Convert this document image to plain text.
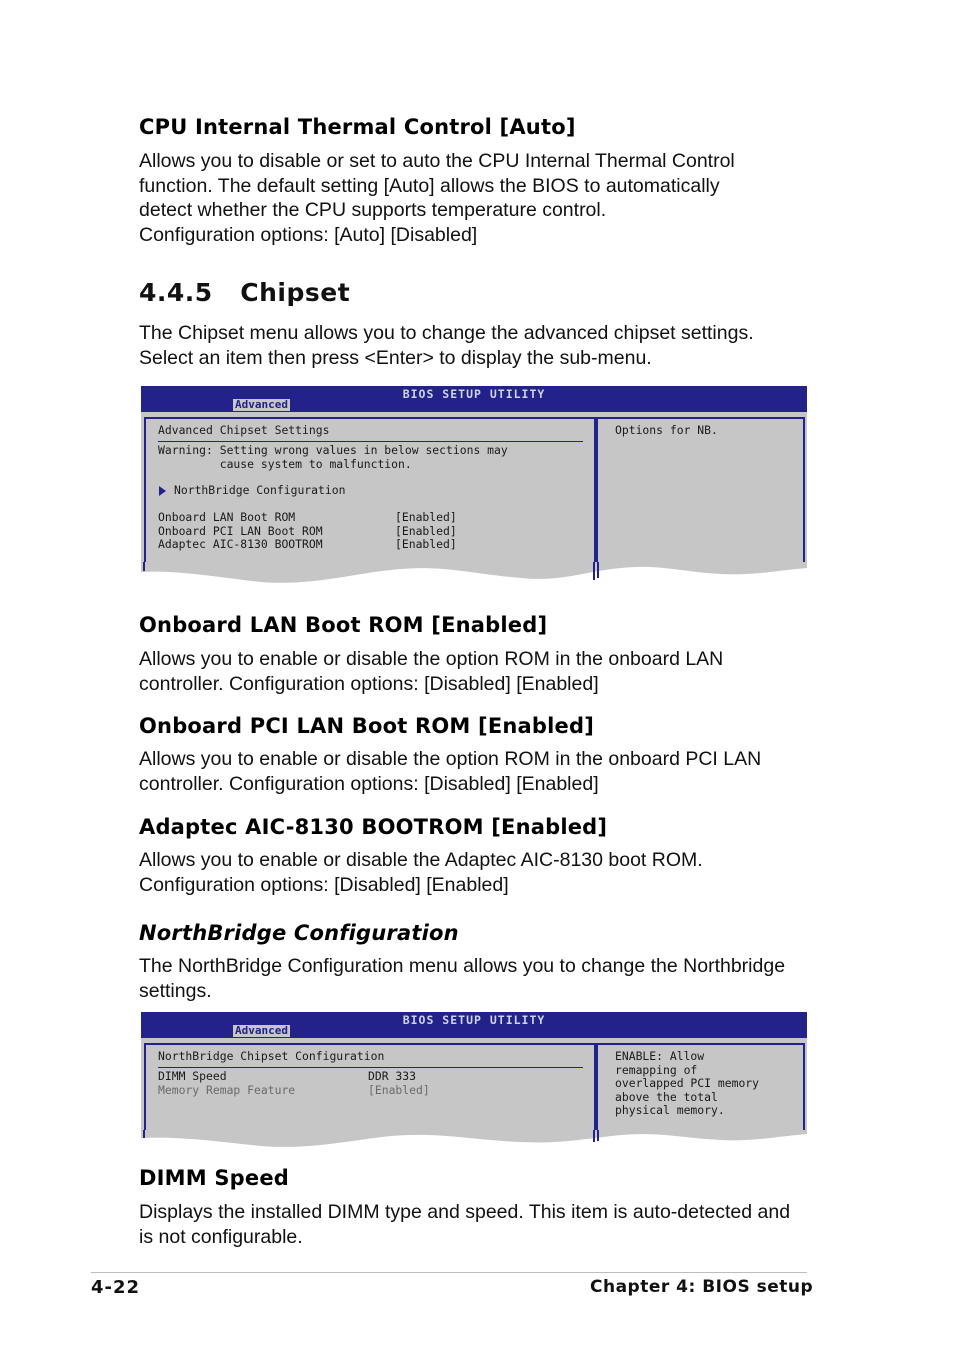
CPU Internal Thermal Control [Auto]
Allows you to disable or set to auto the CPU Internal Thermal Control
function. The default setting [Auto] allows the BIOS to automatically
detect whether the CPU supports temperature control.
Configuration options: [Auto] [Disabled]
4.4.5   Chipset
The Chipset menu allows you to change the advanced chipset settings.
Select an item then press <Enter> to display the sub-menu.
BIOS SETUP UTILITY
Advanced
Advanced Chipset Settings
Warning: Setting wrong values in below sections may
cause system to malfunction.
NorthBridge Configuration
Onboard LAN Boot ROM	[Enabled]
Onboard PCI LAN Boot ROM	[Enabled]
Adaptec AIC-8130 BOOTROM	[Enabled]
Options for NB.
Onboard LAN Boot ROM [Enabled]
Allows you to enable or disable the option ROM in the onboard LAN
controller. Configuration options: [Disabled] [Enabled]
Onboard PCI LAN Boot ROM [Enabled]
Allows you to enable or disable the option ROM in the onboard PCI LAN
controller. Configuration options: [Disabled] [Enabled]
Adaptec AIC-8130 BOOTROM [Enabled]
Allows you to enable or disable the Adaptec AIC-8130 boot ROM.
Configuration options: [Disabled] [Enabled]
NorthBridge Configuration
The NorthBridge Configuration menu allows you to change the Northbridge
settings.
BIOS SETUP UTILITY
Advanced
NorthBridge Chipset Configuration
DIMM Speed	DDR 333
Memory Remap Feature	[Enabled]
ENABLE: Allow
remapping of
overlapped PCI memory
above the total
physical memory.
DIMM Speed
Displays the installed DIMM type and speed. This item is auto-detected and
is not configurable.
4-22	Chapter 4: BIOS setup
